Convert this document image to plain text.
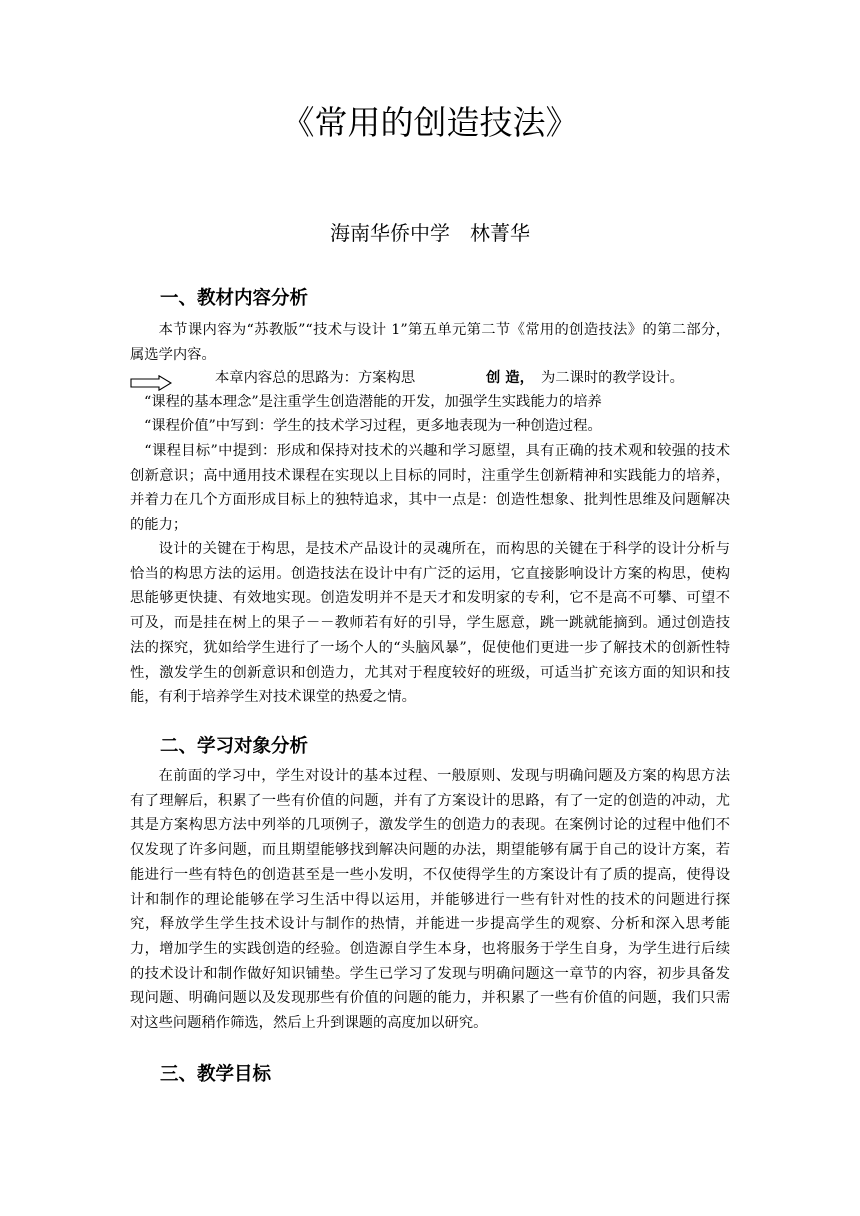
《常用的创造技法》
海南华侨中学　林菁华
一、教材内容分析
本节课内容为“苏教版”“技术与设计 1”第五单元第二节《常用的创造技法》的第二部分，属选学内容。
本章内容总的思路为：方案构思	创 造， 为二课时的教学设计。
“课程的基本理念”是注重学生创造潜能的开发，加强学生实践能力的培养
“课程价值”中写到：学生的技术学习过程，更多地表现为一种创造过程。
“课程目标”中提到：形成和保持对技术的兴趣和学习愿望，具有正确的技术观和较强的技术创新意识；高中通用技术课程在实现以上目标的同时，注重学生创新精神和实践能力的培养，并着力在几个方面形成目标上的独特追求，其中一点是：创造性想象、批判性思维及问题解决的能力；
设计的关键在于构思，是技术产品设计的灵魂所在，而构思的关键在于科学的设计分析与恰当的构思方法的运用。创造技法在设计中有广泛的运用，它直接影响设计方案的构思，使构思能够更快捷、有效地实现。创造发明并不是天才和发明家的专利，它不是高不可攀、可望不可及，而是挂在树上的果子－－教师若有好的引导，学生愿意，跳一跳就能摘到。通过创造技法的探究，犹如给学生进行了一场个人的“头脑风暴”，促使他们更进一步了解技术的创新性特性，激发学生的创新意识和创造力，尤其对于程度较好的班级，可适当扩充该方面的知识和技能，有利于培养学生对技术课堂的热爱之情。
二、学习对象分析
在前面的学习中，学生对设计的基本过程、一般原则、发现与明确问题及方案的构思方法有了理解后，积累了一些有价值的问题，并有了方案设计的思路，有了一定的创造的冲动，尤其是方案构思方法中列举的几项例子，激发学生的创造力的表现。在案例讨论的过程中他们不仅发现了许多问题，而且期望能够找到解决问题的办法，期望能够有属于自己的设计方案，若能进行一些有特色的创造甚至是一些小发明，不仅使得学生的方案设计有了质的提高，使得设计和制作的理论能够在学习生活中得以运用，并能够进行一些有针对性的技术的问题进行探究，释放学生学生技术设计与制作的热情，并能进一步提高学生的观察、分析和深入思考能力，增加学生的实践创造的经验。创造源自学生本身，也将服务于学生自身，为学生进行后续的技术设计和制作做好知识铺垫。学生已学习了发现与明确问题这一章节的内容，初步具备发现问题、明确问题以及发现那些有价值的问题的能力，并积累了一些有价值的问题，我们只需对这些问题稍作筛选，然后上升到课题的高度加以研究。
三、教学目标
